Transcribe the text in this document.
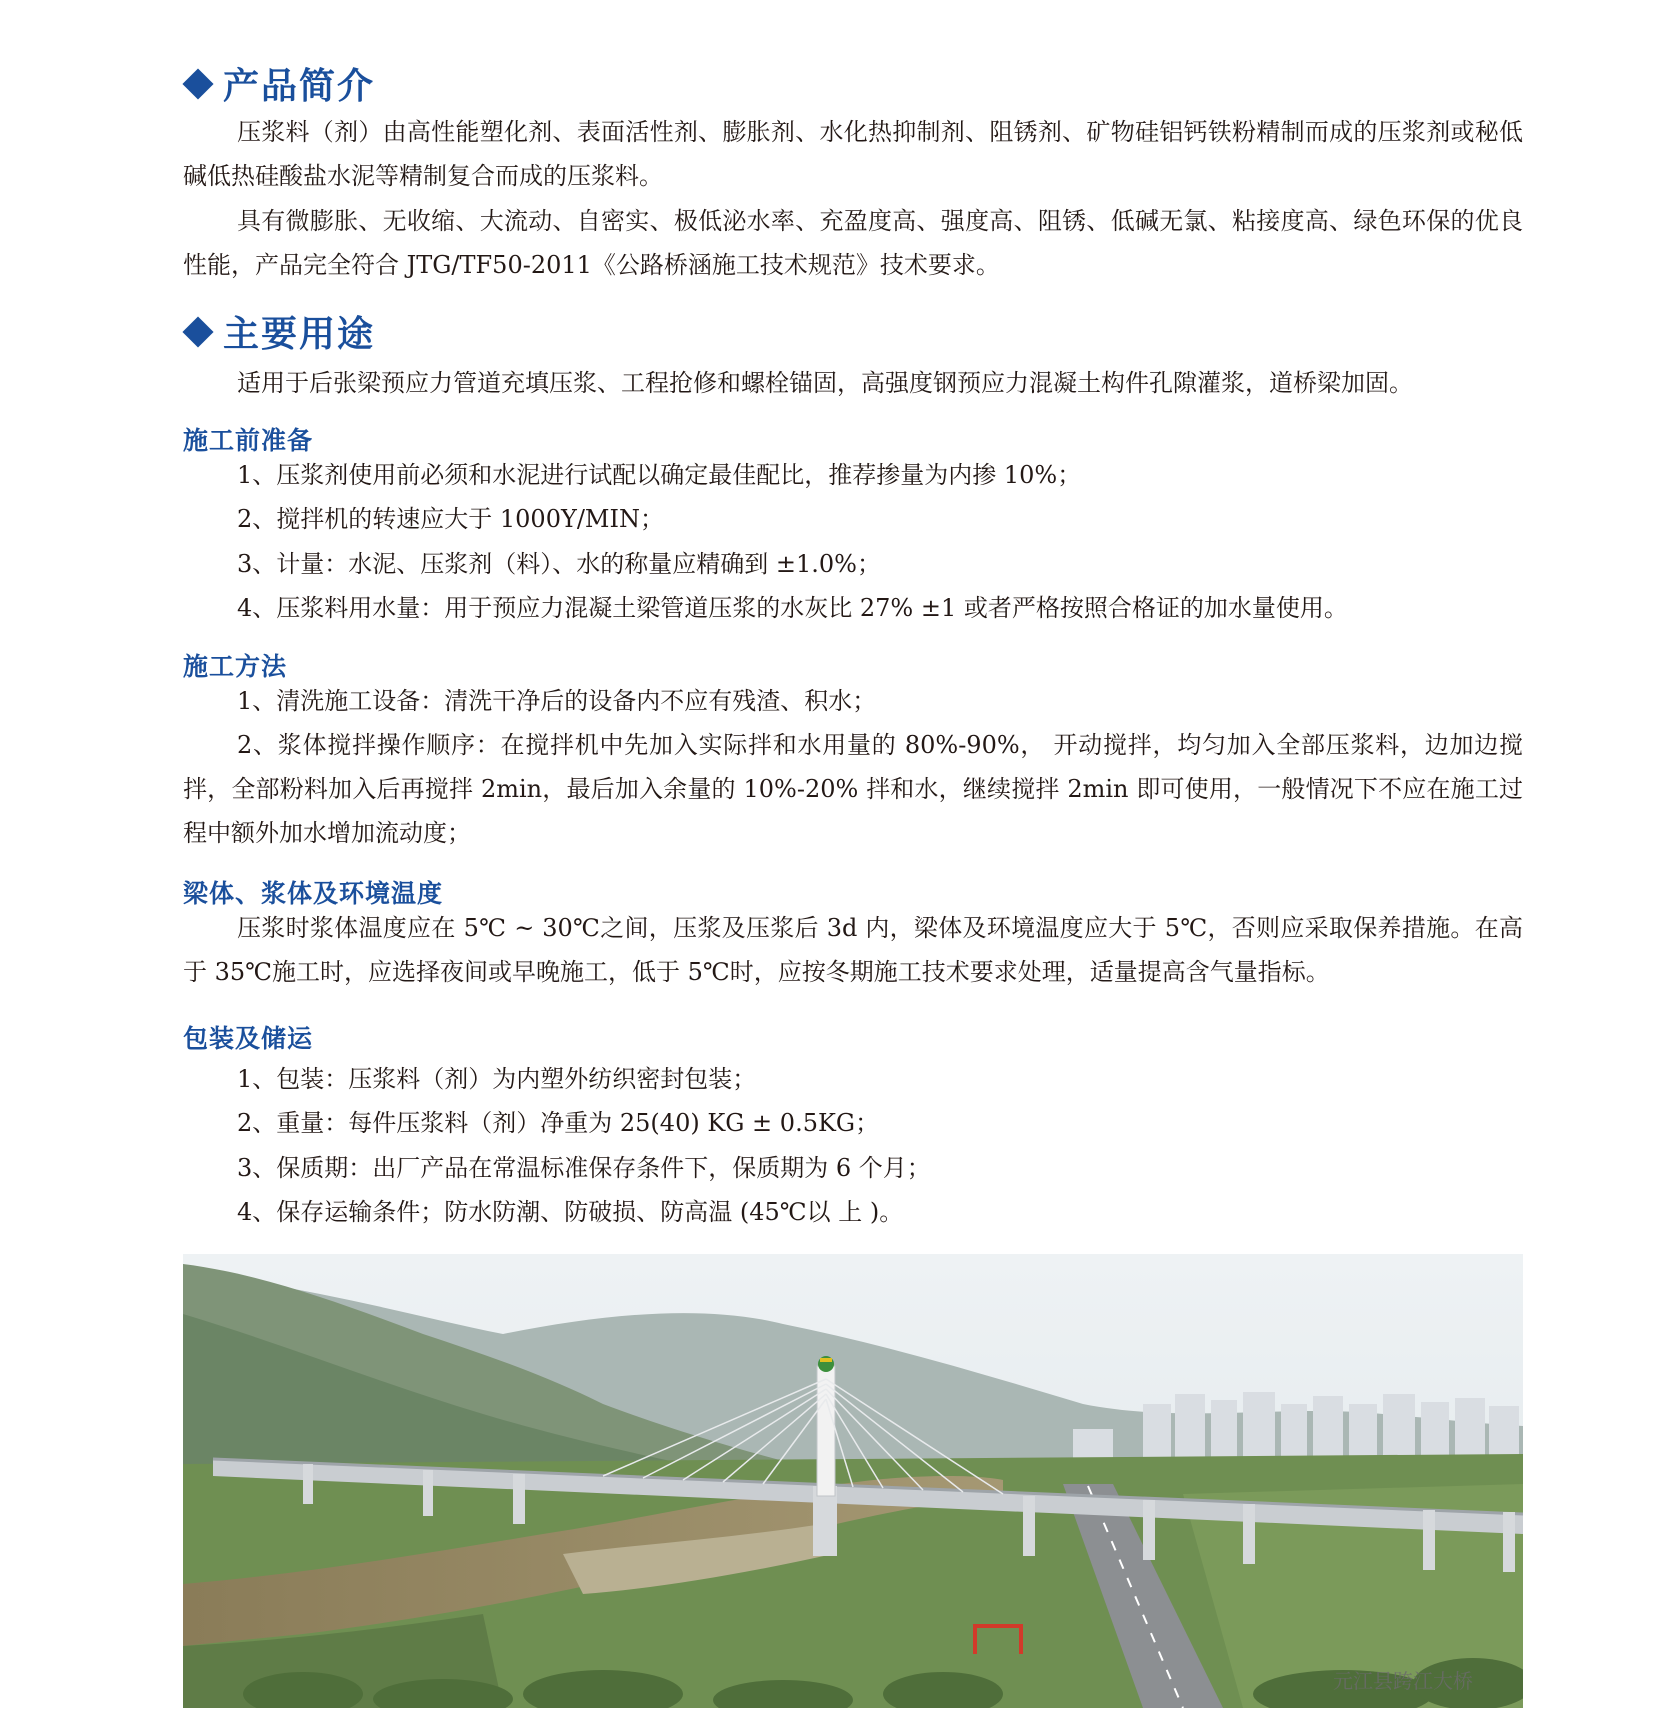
产品简介
压浆料（剂）由高性能塑化剂、表面活性剂、膨胀剂、水化热抑制剂、阻锈剂、矿物硅铝钙铁粉精制而成的压浆剂或秘低碱低热硅酸盐水泥等精制复合而成的压浆料。
具有微膨胀、无收缩、大流动、自密实、极低泌水率、充盈度高、强度高、阻锈、低碱无氯、粘接度高、绿色环保的优良性能，产品完全符合 JTG/TF50-2011《公路桥涵施工技术规范》技术要求。
主要用途
适用于后张梁预应力管道充填压浆、工程抢修和螺栓锚固，高强度钢预应力混凝土构件孔隙灌浆，道桥梁加固。
施工前准备
1、压浆剂使用前必须和水泥进行试配以确定最佳配比，推荐掺量为内掺 10%；
2、搅拌机的转速应大于 1000Y/MIN；
3、计量：水泥、压浆剂（料）、水的称量应精确到 ±1.0%；
4、压浆料用水量：用于预应力混凝土梁管道压浆的水灰比 27% ±1 或者严格按照合格证的加水量使用。
施工方法
1、清洗施工设备：清洗干净后的设备内不应有残渣、积水；
2、浆体搅拌操作顺序：在搅拌机中先加入实际拌和水用量的 80%-90%， 开动搅拌，均匀加入全部压浆料，边加边搅拌，全部粉料加入后再搅拌 2min，最后加入余量的 10%-20% 拌和水，继续搅拌 2min 即可使用，一般情况下不应在施工过程中额外加水增加流动度；
梁体、浆体及环境温度
压浆时浆体温度应在 5℃ ~ 30℃之间，压浆及压浆后 3d 内，梁体及环境温度应大于 5℃，否则应采取保养措施。在高于 35℃施工时，应选择夜间或早晚施工，低于 5℃时，应按冬期施工技术要求处理，适量提高含气量指标。
包装及储运
1、包装：压浆料（剂）为内塑外纺织密封包装；
2、重量：每件压浆料（剂）净重为 25(40) KG ± 0.5KG；
3、保质期：出厂产品在常温标准保存条件下，保质期为 6 个月；
4、保存运输条件；防水防潮、防破损、防高温 (45℃以 上 )。
元江县跨江大桥
